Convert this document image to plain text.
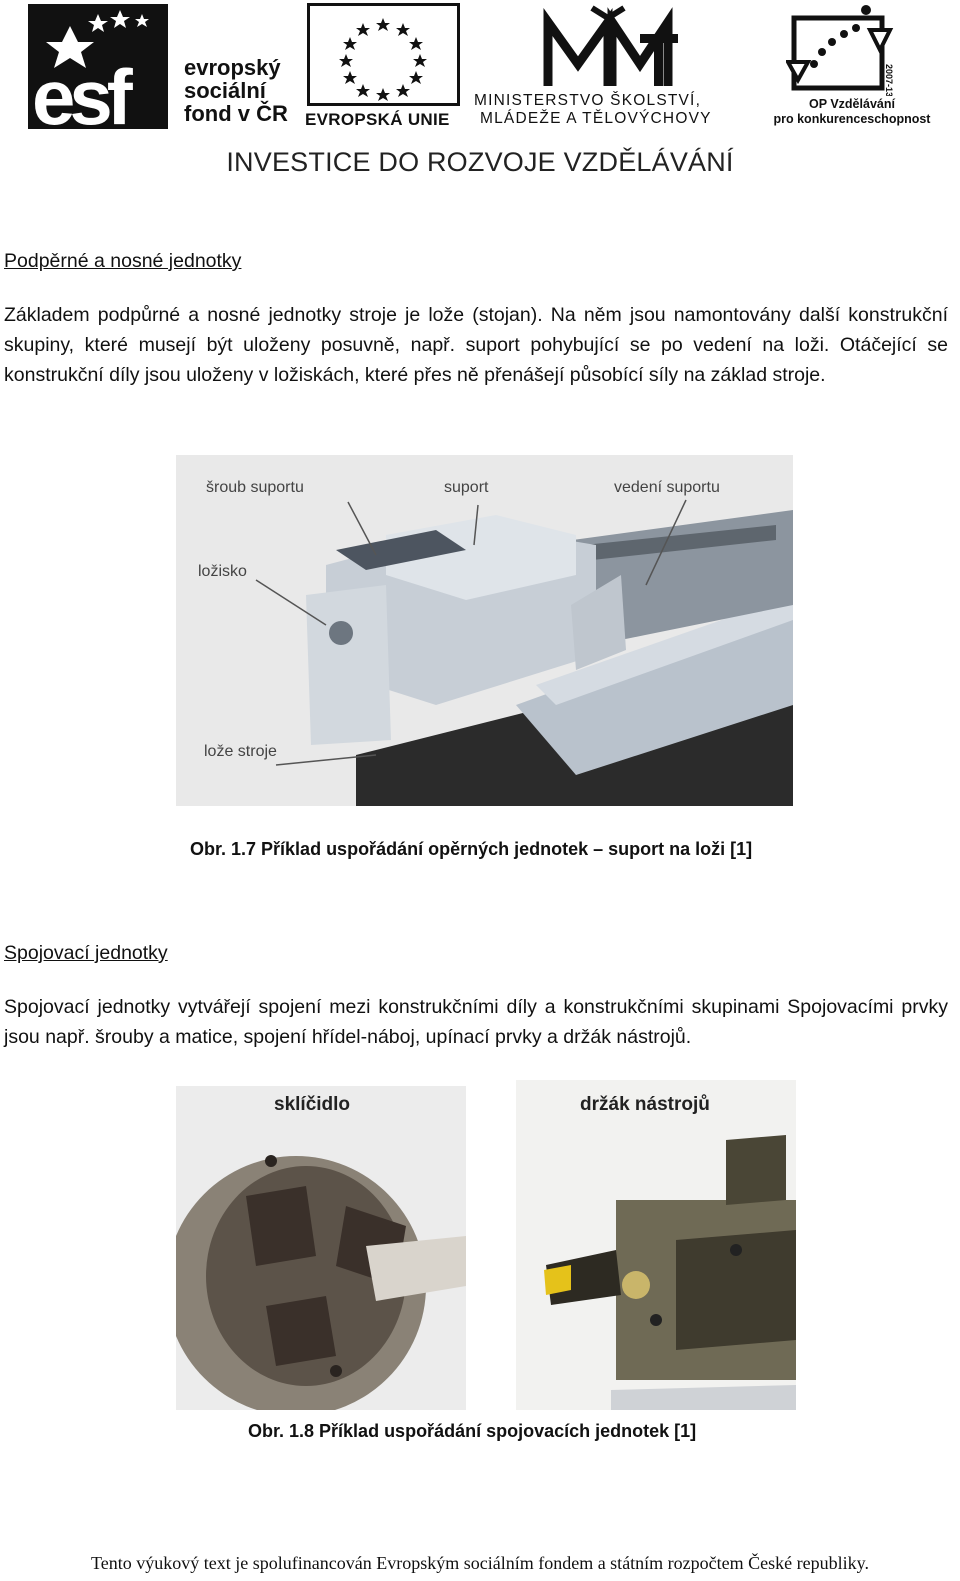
esf	evropský
sociální
fond v ČR EVROPSKÁ UNIE
MINISTERSTVO ŠKOLSTVÍ,
MLÁDEŽE A TĚLOVÝCHOVY
2007-13
OP Vzdělávání
pro konkurenceschopnost
INVESTICE DO ROZVOJE VZDĚLÁVÁNÍ
Podpěrné a nosné jednotky
Základem podpůrné a nosné jednotky stroje je lože (stojan). Na něm jsou namontovány další konstrukční skupiny, které musejí být uloženy posuvně, např. suport pohybující se po vedení na loži. Otáčející se konstrukční díly jsou uloženy v ložiskách, které přes ně přenášejí působící síly na základ stroje.
šroub suportu	suport	vedení suportu
ložisko
lože stroje
Obr. 1.7 Příklad uspořádání opěrných jednotek – suport na loži [1]
Spojovací jednotky
Spojovací jednotky vytvářejí spojení mezi konstrukčními díly a konstrukčními skupinami Spojovacími prvky jsou např. šrouby a matice, spojení hřídel-náboj, upínací prvky a držák nástrojů.
sklíčidlo	držák nástrojů
Obr. 1.8 Příklad uspořádání spojovacích jednotek [1]
Tento výukový text je spolufinancován Evropským sociálním fondem a státním rozpočtem České republiky.
